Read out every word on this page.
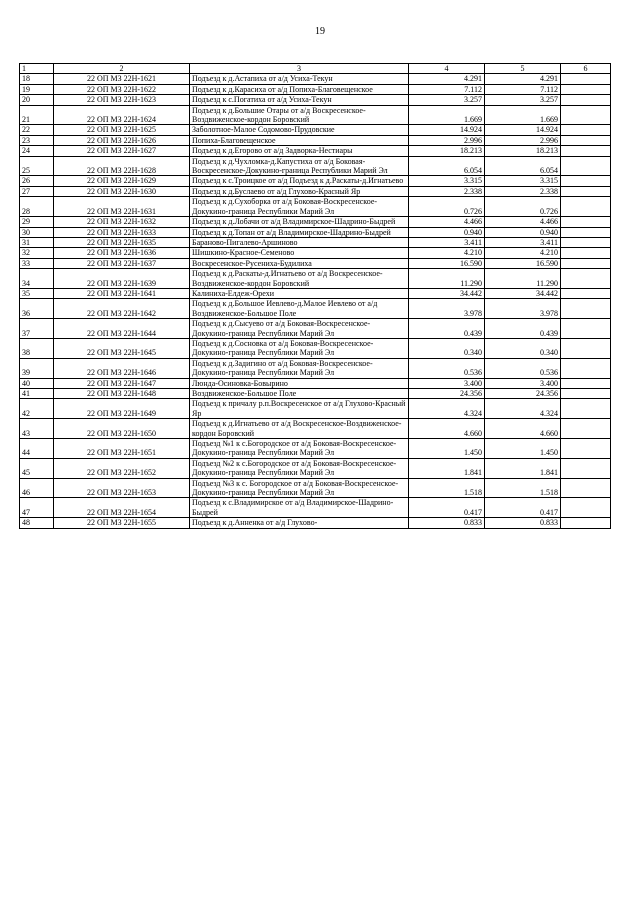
19
1	2	3	4	5	6
18	22 ОП МЗ 22Н-1621	Подъезд к д.Астапиха от а/д Усиха-Текун	4.291	4.291	
19	22 ОП МЗ 22Н-1622	Подъезд к д.Карасиха от а/д Попиха-Благовещенское	7.112	7.112	
20	22 ОП МЗ 22Н-1623	Подъезд к с.Погатиха от а/д Усиха-Текун	3.257	3.257	
21	22 ОП МЗ 22Н-1624	Подъезд к д.Большие Отары от а/д Воскресенское-Воздвиженское-кордон Боровский	1.669	1.669	
22	22 ОП МЗ 22Н-1625	Заболотное-Малое Содомово-Прудовские	14.924	14.924	
23	22 ОП МЗ 22Н-1626	Попиха-Благовещенское	2.996	2.996	
24	22 ОП МЗ 22Н-1627	Подъезд к д.Егорово от а/д Задворка-Нестиары	18.213	18.213	
25	22 ОП МЗ 22Н-1628	Подъезд к д.Чухломка-д.Капустиха от а/д Боковая-Воскресенское-Докукино-граница Республики Марий Эл	6.054	6.054	
26	22 ОП МЗ 22Н-1629	Подъезд к с.Троицкое от а/д Подъезд к д.Раскаты-д.Игнатьево	3.315	3.315	
27	22 ОП МЗ 22Н-1630	Подъезд к д.Буслаево от а/д Глухово-Красный Яр	2.338	2.338	
28	22 ОП МЗ 22Н-1631	Подъезд к д.Сухоборка от а/д Боковая-Воскресенское-Докукино-граница Республики Марий Эл	0.726	0.726	
29	22 ОП МЗ 22Н-1632	Подъезд к д.Лобачи от а/д Владимирское-Шадрино-Быдрей	4.466	4.466	
30	22 ОП МЗ 22Н-1633	Подъезд к д.Топан от а/д Владимирское-Шадрино-Быдрей	0.940	0.940	
31	22 ОП МЗ 22Н-1635	Бараново-Пигалево-Аршиново	3.411	3.411	
32	22 ОП МЗ 22Н-1636	Шишкино-Красное-Семеново	4.210	4.210	
33	22 ОП МЗ 22Н-1637	Воскресенское-Русениха-Будилиха	16.590	16.590	
34	22 ОП МЗ 22Н-1639	Подъезд к д.Раскаты-д.Игнатьево от а/д Воскресенское-Воздвиженское-кордон Боровский	11.290	11.290	
35	22 ОП МЗ 22Н-1641	Калиниха-Елдеж-Орехи	34.442	34.442	
36	22 ОП МЗ 22Н-1642	Подъезд к д.Большое Иевлево-д.Малое Иевлево от а/д Воздвиженское-Большое Поле	3.978	3.978	
37	22 ОП МЗ 22Н-1644	Подъезд к д.Сысуево от а/д Боковая-Воскресенское-Докукино-граница Республики Марий Эл	0.439	0.439	
38	22 ОП МЗ 22Н-1645	Подъезд к д.Сосновка от а/д Боковая-Воскресенское-Докукино-граница Республики Марий Эл	0.340	0.340	
39	22 ОП МЗ 22Н-1646	Подъезд к д.Задигино от а/д Боковая-Воскресенское-Докукино-граница Республики Марий Эл	0.536	0.536	
40	22 ОП МЗ 22Н-1647	Люнда-Осиновка-Бовырино	3.400	3.400	
41	22 ОП МЗ 22Н-1648	Воздвиженское-Большое Поле	24.356	24.356	
42	22 ОП МЗ 22Н-1649	Подъезд к причалу р.п.Воскресенское от а/д Глухово-Красный Яр	4.324	4.324	
43	22 ОП МЗ 22Н-1650	Подъезд к д.Игнатьево от а/д Воскресенское-Воздвиженское-кордон Боровский	4.660	4.660	
44	22 ОП МЗ 22Н-1651	Подъезд №1 к с.Богородское от а/д Боковая-Воскресенское-Докукино-граница Республики Марий Эл	1.450	1.450	
45	22 ОП МЗ 22Н-1652	Подъезд №2 к с.Богородское от а/д Боковая-Воскресенское-Докукино-граница Республики Марий Эл	1.841	1.841	
46	22 ОП МЗ 22Н-1653	Подъезд №3 к с. Богородское от а/д Боковая-Воскресенское-Докукино-граница Республики Марий Эл	1.518	1.518	
47	22 ОП МЗ 22Н-1654	Подъезд к с.Владимирское от а/д Владимирское-Шадрино-Быдрей	0.417	0.417	
48	22 ОП МЗ 22Н-1655	Подъезд к д.Анненка от а/д Глухово-	0.833	0.833	
